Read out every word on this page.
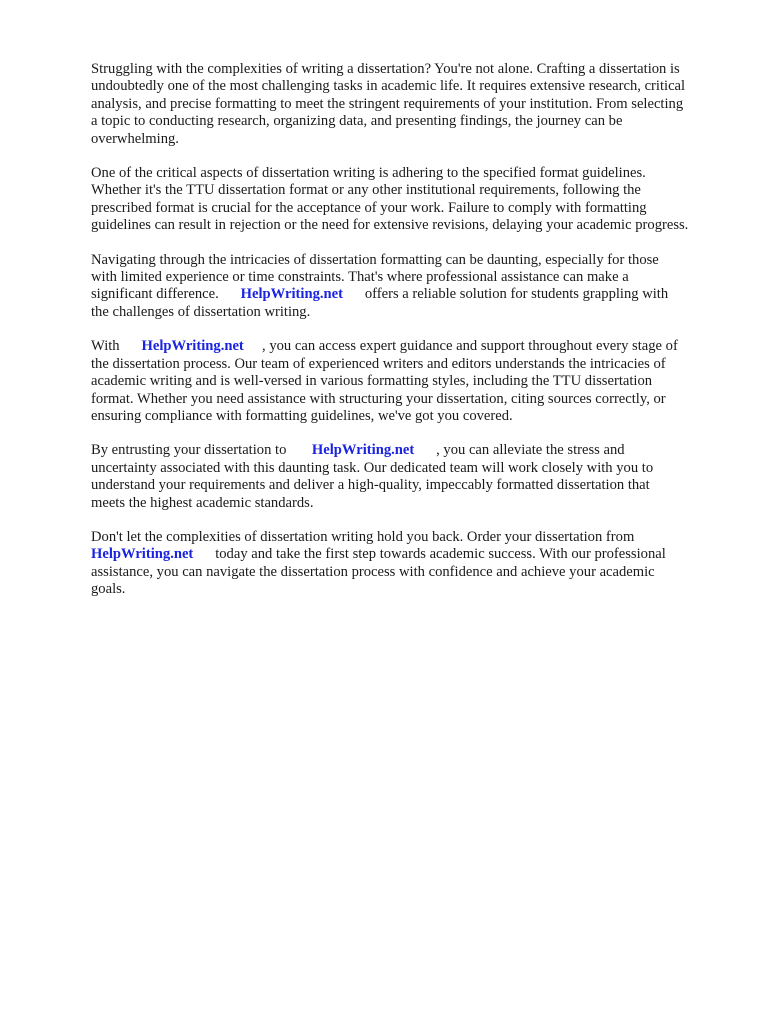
Struggling with the complexities of writing a dissertation? You're not alone. Crafting a dissertation is
undoubtedly one of the most challenging tasks in academic life. It requires extensive research, critical
analysis, and precise formatting to meet the stringent requirements of your institution. From selecting
a topic to conducting research, organizing data, and presenting findings, the journey can be
overwhelming.

One of the critical aspects of dissertation writing is adhering to the specified format guidelines.
Whether it's the TTU dissertation format or any other institutional requirements, following the
prescribed format is crucial for the acceptance of your work. Failure to comply with formatting
guidelines can result in rejection or the need for extensive revisions, delaying your academic progress.

Navigating through the intricacies of dissertation formatting can be daunting, especially for those
with limited experience or time constraints. That's where professional assistance can make a
significant difference.      HelpWriting.net      offers a reliable solution for students grappling with
the challenges of dissertation writing.

With      HelpWriting.net     , you can access expert guidance and support throughout every stage of
the dissertation process. Our team of experienced writers and editors understands the intricacies of
academic writing and is well-versed in various formatting styles, including the TTU dissertation
format. Whether you need assistance with structuring your dissertation, citing sources correctly, or
ensuring compliance with formatting guidelines, we've got you covered.

By entrusting your dissertation to       HelpWriting.net      , you can alleviate the stress and
uncertainty associated with this daunting task. Our dedicated team will work closely with you to
understand your requirements and deliver a high-quality, impeccably formatted dissertation that
meets the highest academic standards.

Don't let the complexities of dissertation writing hold you back. Order your dissertation from
HelpWriting.net      today and take the first step towards academic success. With our professional
assistance, you can navigate the dissertation process with confidence and achieve your academic
goals.
